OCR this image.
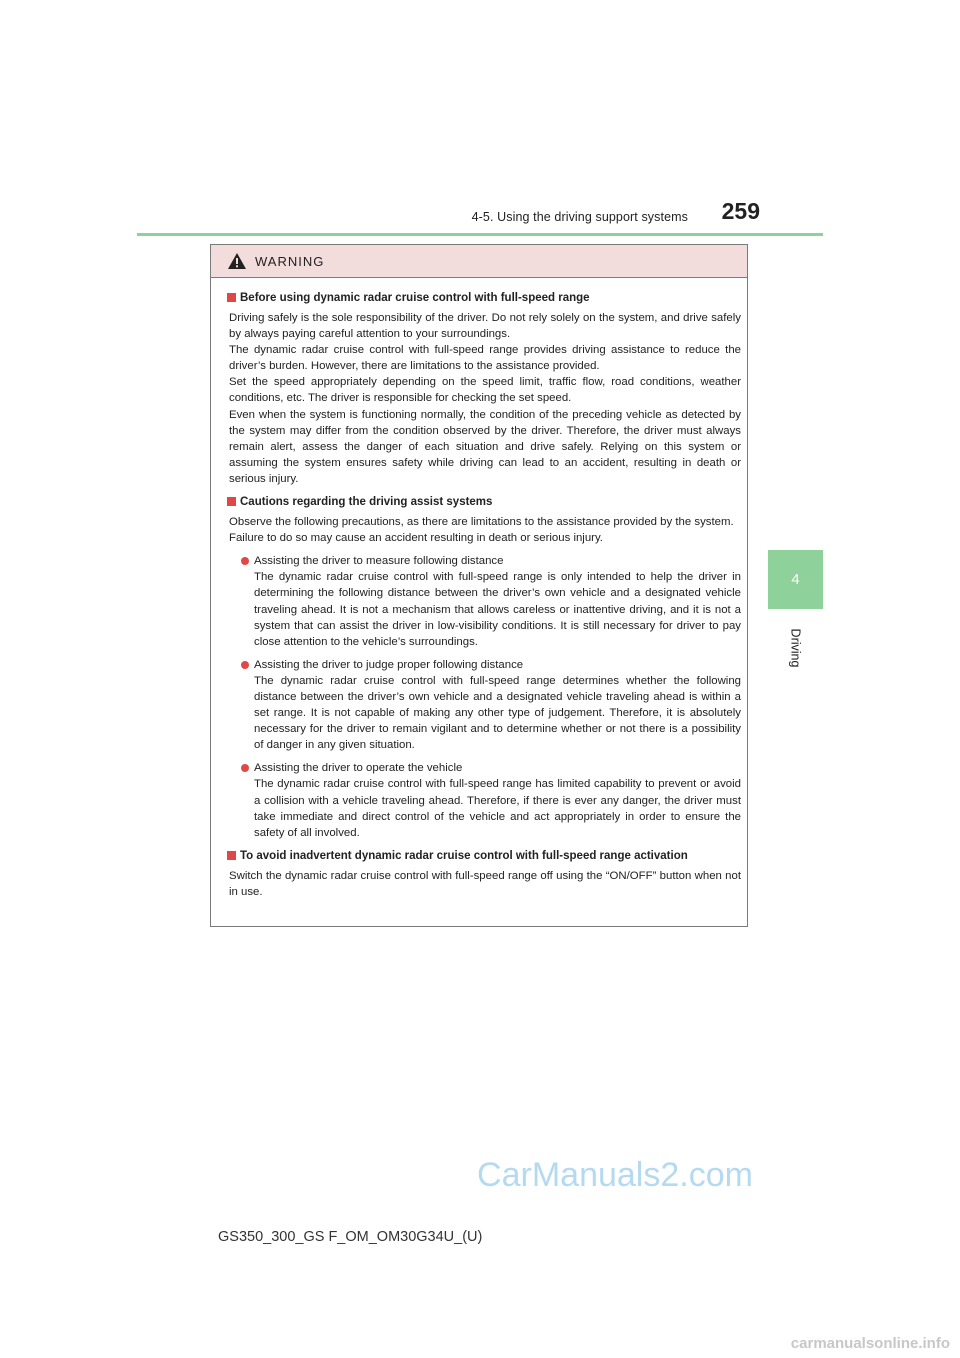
4-5. Using the driving support systems 259
4
Driving
WARNING
Before using dynamic radar cruise control with full-speed range

Driving safely is the sole responsibility of the driver. Do not rely solely on the system, and drive safely by always paying careful attention to your surroundings.

The dynamic radar cruise control with full-speed range provides driving assistance to reduce the driver’s burden. However, there are limitations to the assistance provided.

Set the speed appropriately depending on the speed limit, traffic flow, road conditions, weather conditions, etc. The driver is responsible for checking the set speed.

Even when the system is functioning normally, the condition of the preceding vehicle as detected by the system may differ from the condition observed by the driver. Therefore, the driver must always remain alert, assess the danger of each situation and drive safely. Relying on this system or assuming the system ensures safety while driving can lead to an accident, resulting in death or serious injury.

Cautions regarding the driving assist systems

Observe the following precautions, as there are limitations to the assistance provided by the system.

Failure to do so may cause an accident resulting in death or serious injury.

Assisting the driver to measure following distance
The dynamic radar cruise control with full-speed range is only intended to help the driver in determining the following distance between the driver’s own vehicle and a designated vehicle traveling ahead. It is not a mechanism that allows careless or inattentive driving, and it is not a system that can assist the driver in low-visibility conditions. It is still necessary for driver to pay close attention to the vehicle’s surroundings.
Assisting the driver to judge proper following distance
The dynamic radar cruise control with full-speed range determines whether the following distance between the driver’s own vehicle and a designated vehicle traveling ahead is within a set range. It is not capable of making any other type of judgement. Therefore, it is absolutely necessary for the driver to remain vigilant and to determine whether or not there is a possibility of danger in any given situation.
Assisting the driver to operate the vehicle
The dynamic radar cruise control with full-speed range has limited capability to prevent or avoid a collision with a vehicle traveling ahead. Therefore, if there is ever any danger, the driver must take immediate and direct control of the vehicle and act appropriately in order to ensure the safety of all involved.
To avoid inadvertent dynamic radar cruise control with full-speed range activation

Switch the dynamic radar cruise control with full-speed range off using the “ON/OFF” button when not in use.

CarManuals2.com
GS350_300_GS F_OM_OM30G34U_(U)
carmanualsonline.info
